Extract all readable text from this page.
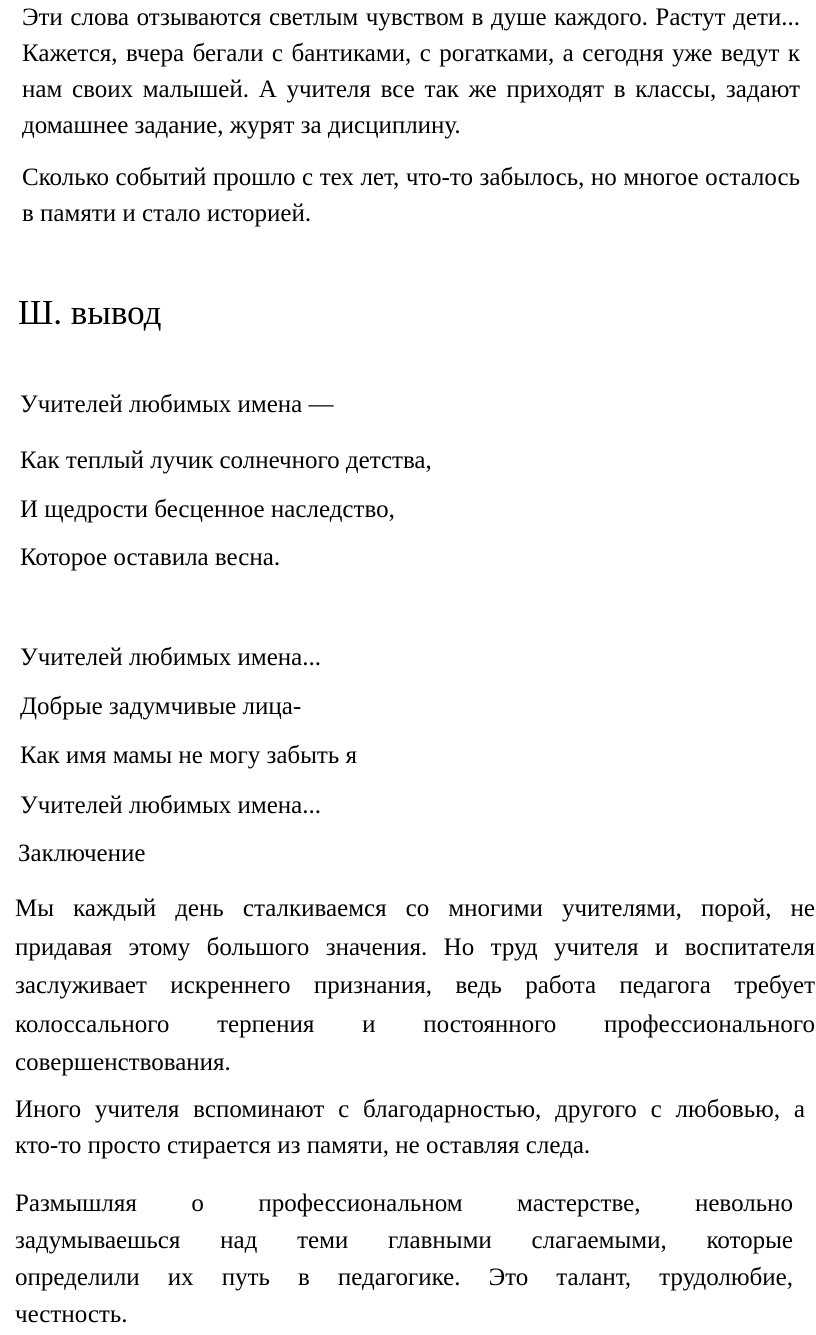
Эти слова отзываются светлым чувством в душе каждого. Растут дети... Кажется, вчера бегали с бантиками, с рогатками, а сегодня уже ведут к нам своих малышей. А учителя все так же приходят в классы, задают домашнее задание, журят за дисциплину.

Сколько событий прошло с тех лет, что-то забылось, но многое осталось в памяти и стало историей.

Ш. вывод

Учителей любимых имена —

Как теплый лучик солнечного детства,

И щедрости бесценное наследство,

Которое оставила весна.

Учителей любимых имена...

Добрые задумчивые лица-

Как имя мамы не могу забыть я

Учителей любимых имена...

Заключение

Мы каждый день сталкиваемся со многими учителями, порой, не придавая этому большого значения. Но труд учителя и воспитателя заслуживает искреннего признания, ведь работа педагога требует колоссального терпения и постоянного профессионального совершенствования.

Иного учителя вспоминают с благодарностью, другого с любовью, а

кто-то просто стирается из памяти, не оставляя следа.

Размышляя о профессиональном мастерстве, невольно

задумываешься над теми главными слагаемыми, которые

определили их путь в педагогике. Это талант, трудолюбие,

честность.
